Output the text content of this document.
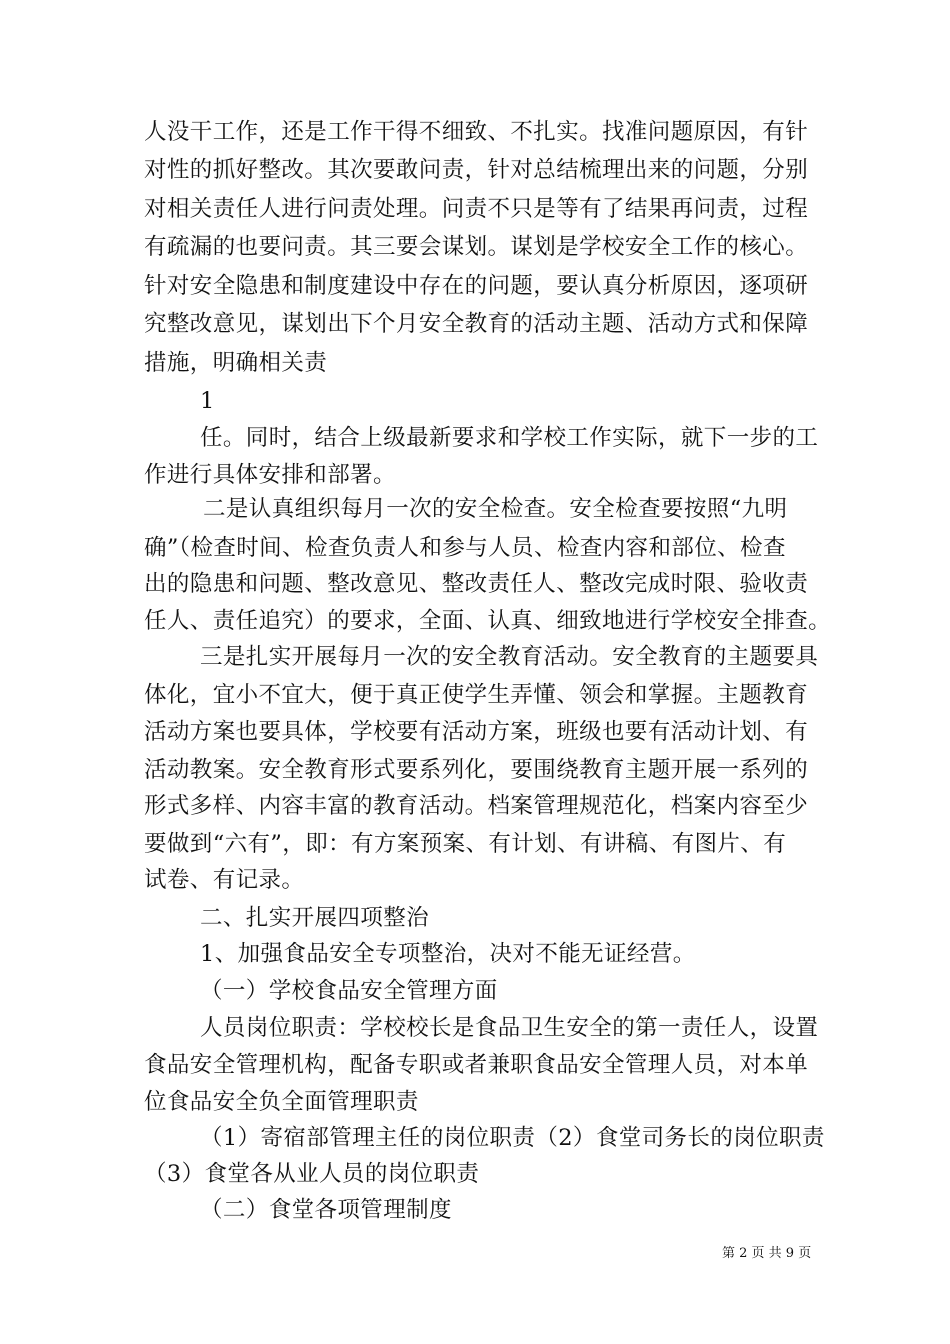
人没干工作，还是工作干得不细致、不扎实。找准问题原因，有针
对性的抓好整改。其次要敢问责，针对总结梳理出来的问题，分别
对相关责任人进行问责处理。问责不只是等有了结果再问责，过程
有疏漏的也要问责。其三要会谋划。谋划是学校安全工作的核心。
针对安全隐患和制度建设中存在的问题，要认真分析原因，逐项研
究整改意见，谋划出下个月安全教育的活动主题、活动方式和保障
措施，明确相关责
1
任。同时，结合上级最新要求和学校工作实际，就下一步的工
作进行具体安排和部署。
二是认真组织每月一次的安全检查。安全检查要按照“九明
确”（检查时间、检查负责人和参与人员、检查内容和部位、检查
出的隐患和问题、整改意见、整改责任人、整改完成时限、验收责
任人、责任追究）的要求，全面、认真、细致地进行学校安全排查。
三是扎实开展每月一次的安全教育活动。安全教育的主题要具
体化，宜小不宜大，便于真正使学生弄懂、领会和掌握。主题教育
活动方案也要具体，学校要有活动方案，班级也要有活动计划、有
活动教案。安全教育形式要系列化，要围绕教育主题开展一系列的
形式多样、内容丰富的教育活动。档案管理规范化，档案内容至少
要做到“六有”，即：有方案预案、有计划、有讲稿、有图片、有
试卷、有记录。
二、扎实开展四项整治
1、加强食品安全专项整治，决对不能无证经营。
（一）学校食品安全管理方面
人员岗位职责：学校校长是食品卫生安全的第一责任人，设置
食品安全管理机构，配备专职或者兼职食品安全管理人员，对本单
位食品安全负全面管理职责
（1）寄宿部管理主任的岗位职责（2）食堂司务长的岗位职责
（3）食堂各从业人员的岗位职责
（二）食堂各项管理制度
第 2 页 共 9 页
